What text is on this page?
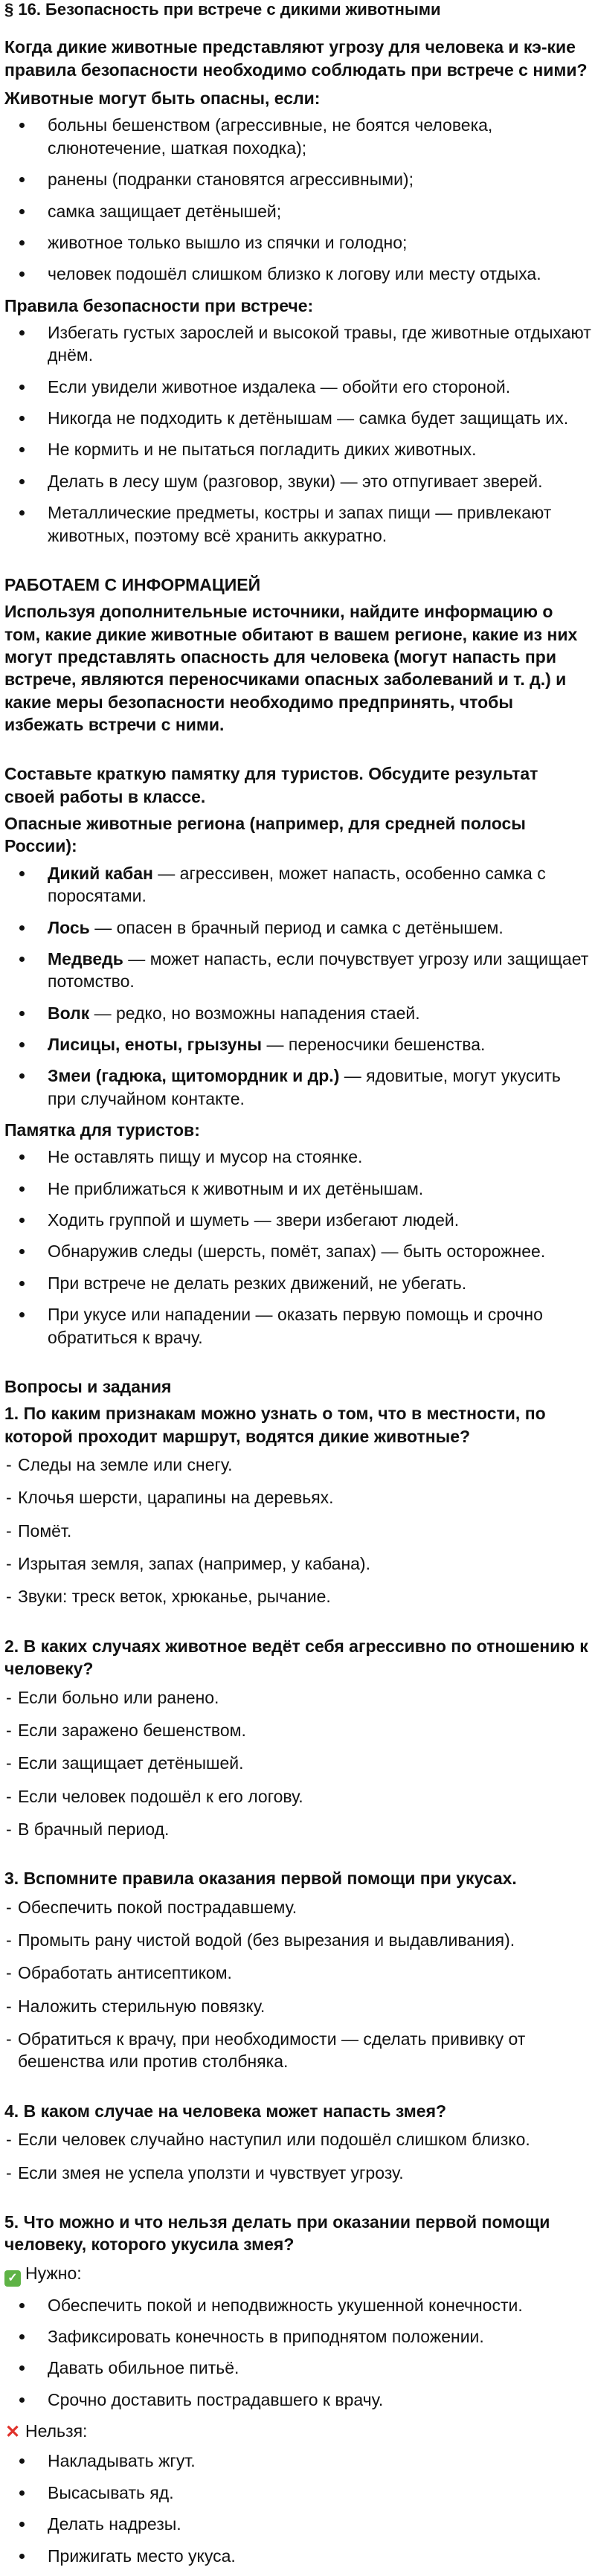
§ 16. Безопасность при встрече с дикими животными
Когда дикие животные представляют угрозу для человека и кэ-кие правила безопасности необходимо соблюдать при встрече с ними?
Животные могут быть опасны, если:
больны бешенством (агрессивные, не боятся человека, слюнотечение, шаткая походка);
ранены (подранки становятся агрессивными);
самка защищает детёнышей;
животное только вышло из спячки и голодно;
человек подошёл слишком близко к логову или месту отдыха.
Правила безопасности при встрече:
Избегать густых зарослей и высокой травы, где животные отдыхают днём.
Если увидели животное издалека — обойти его стороной.
Никогда не подходить к детёнышам — самка будет защищать их.
Не кормить и не пытаться погладить диких животных.
Делать в лесу шум (разговор, звуки) — это отпугивает зверей.
Металлические предметы, костры и запах пищи — привлекают животных, поэтому всё хранить аккуратно.
РАБОТАЕМ С ИНФОРМАЦИЕЙ
Используя дополнительные источники, найдите информацию о том, какие дикие животные обитают в вашем регионе, какие из них могут представлять опасность для человека (могут напасть при встрече, являются переносчиками опасных заболеваний и т. д.) и какие меры безопасности необходимо предпринять, чтобы избежать встречи с ними.
Составьте краткую памятку для туристов. Обсудите результат своей работы в классе.
Опасные животные региона (например, для средней полосы России):
Дикий кабан — агрессивен, может напасть, особенно самка с поросятами.
Лось — опасен в брачный период и самка с детёнышем.
Медведь — может напасть, если почувствует угрозу или защищает потомство.
Волк — редко, но возможны нападения стаей.
Лисицы, еноты, грызуны — переносчики бешенства.
Змеи (гадюка, щитомордник и др.) — ядовитые, могут укусить при случайном контакте.
Памятка для туристов:
Не оставлять пищу и мусор на стоянке.
Не приближаться к животным и их детёнышам.
Ходить группой и шуметь — звери избегают людей.
Обнаружив следы (шерсть, помёт, запах) — быть осторожнее.
При встрече не делать резких движений, не убегать.
При укусе или нападении — оказать первую помощь и срочно обратиться к врачу.
Вопросы и задания
1. По каким признакам можно узнать о том, что в местности, по которой проходит маршрут, водятся дикие животные?
- Следы на земле или снегу.
- Клочья шерсти, царапины на деревьях.
- Помёт.
- Изрытая земля, запах (например, у кабана).
- Звуки: треск веток, хрюканье, рычание.
2. В каких случаях животное ведёт себя агрессивно по отношению к человеку?
- Если больно или ранено.
- Если заражено бешенством.
- Если защищает детёнышей.
- Если человек подошёл к его логову.
- В брачный период.
3. Вспомните правила оказания первой помощи при укусах.
- Обеспечить покой пострадавшему.
- Промыть рану чистой водой (без вырезания и выдавливания).
- Обработать антисептиком.
- Наложить стерильную повязку.
- Обратиться к врачу, при необходимости — сделать прививку от бешенства или против столбняка.
4. В каком случае на человека может напасть змея?
- Если человек случайно наступил или подошёл слишком близко.
- Если змея не успела уползти и чувствует угрозу.
5. Что можно и что нельзя делать при оказании первой помощи человеку, которого укусила змея?
✓ Нужно:
Обеспечить покой и неподвижность укушенной конечности.
Зафиксировать конечность в приподнятом положении.
Давать обильное питьё.
Срочно доставить пострадавшего к врачу.
✕ Нельзя:
Накладывать жгут.
Высасывать яд.
Делать надрезы.
Прижигать место укуса.
